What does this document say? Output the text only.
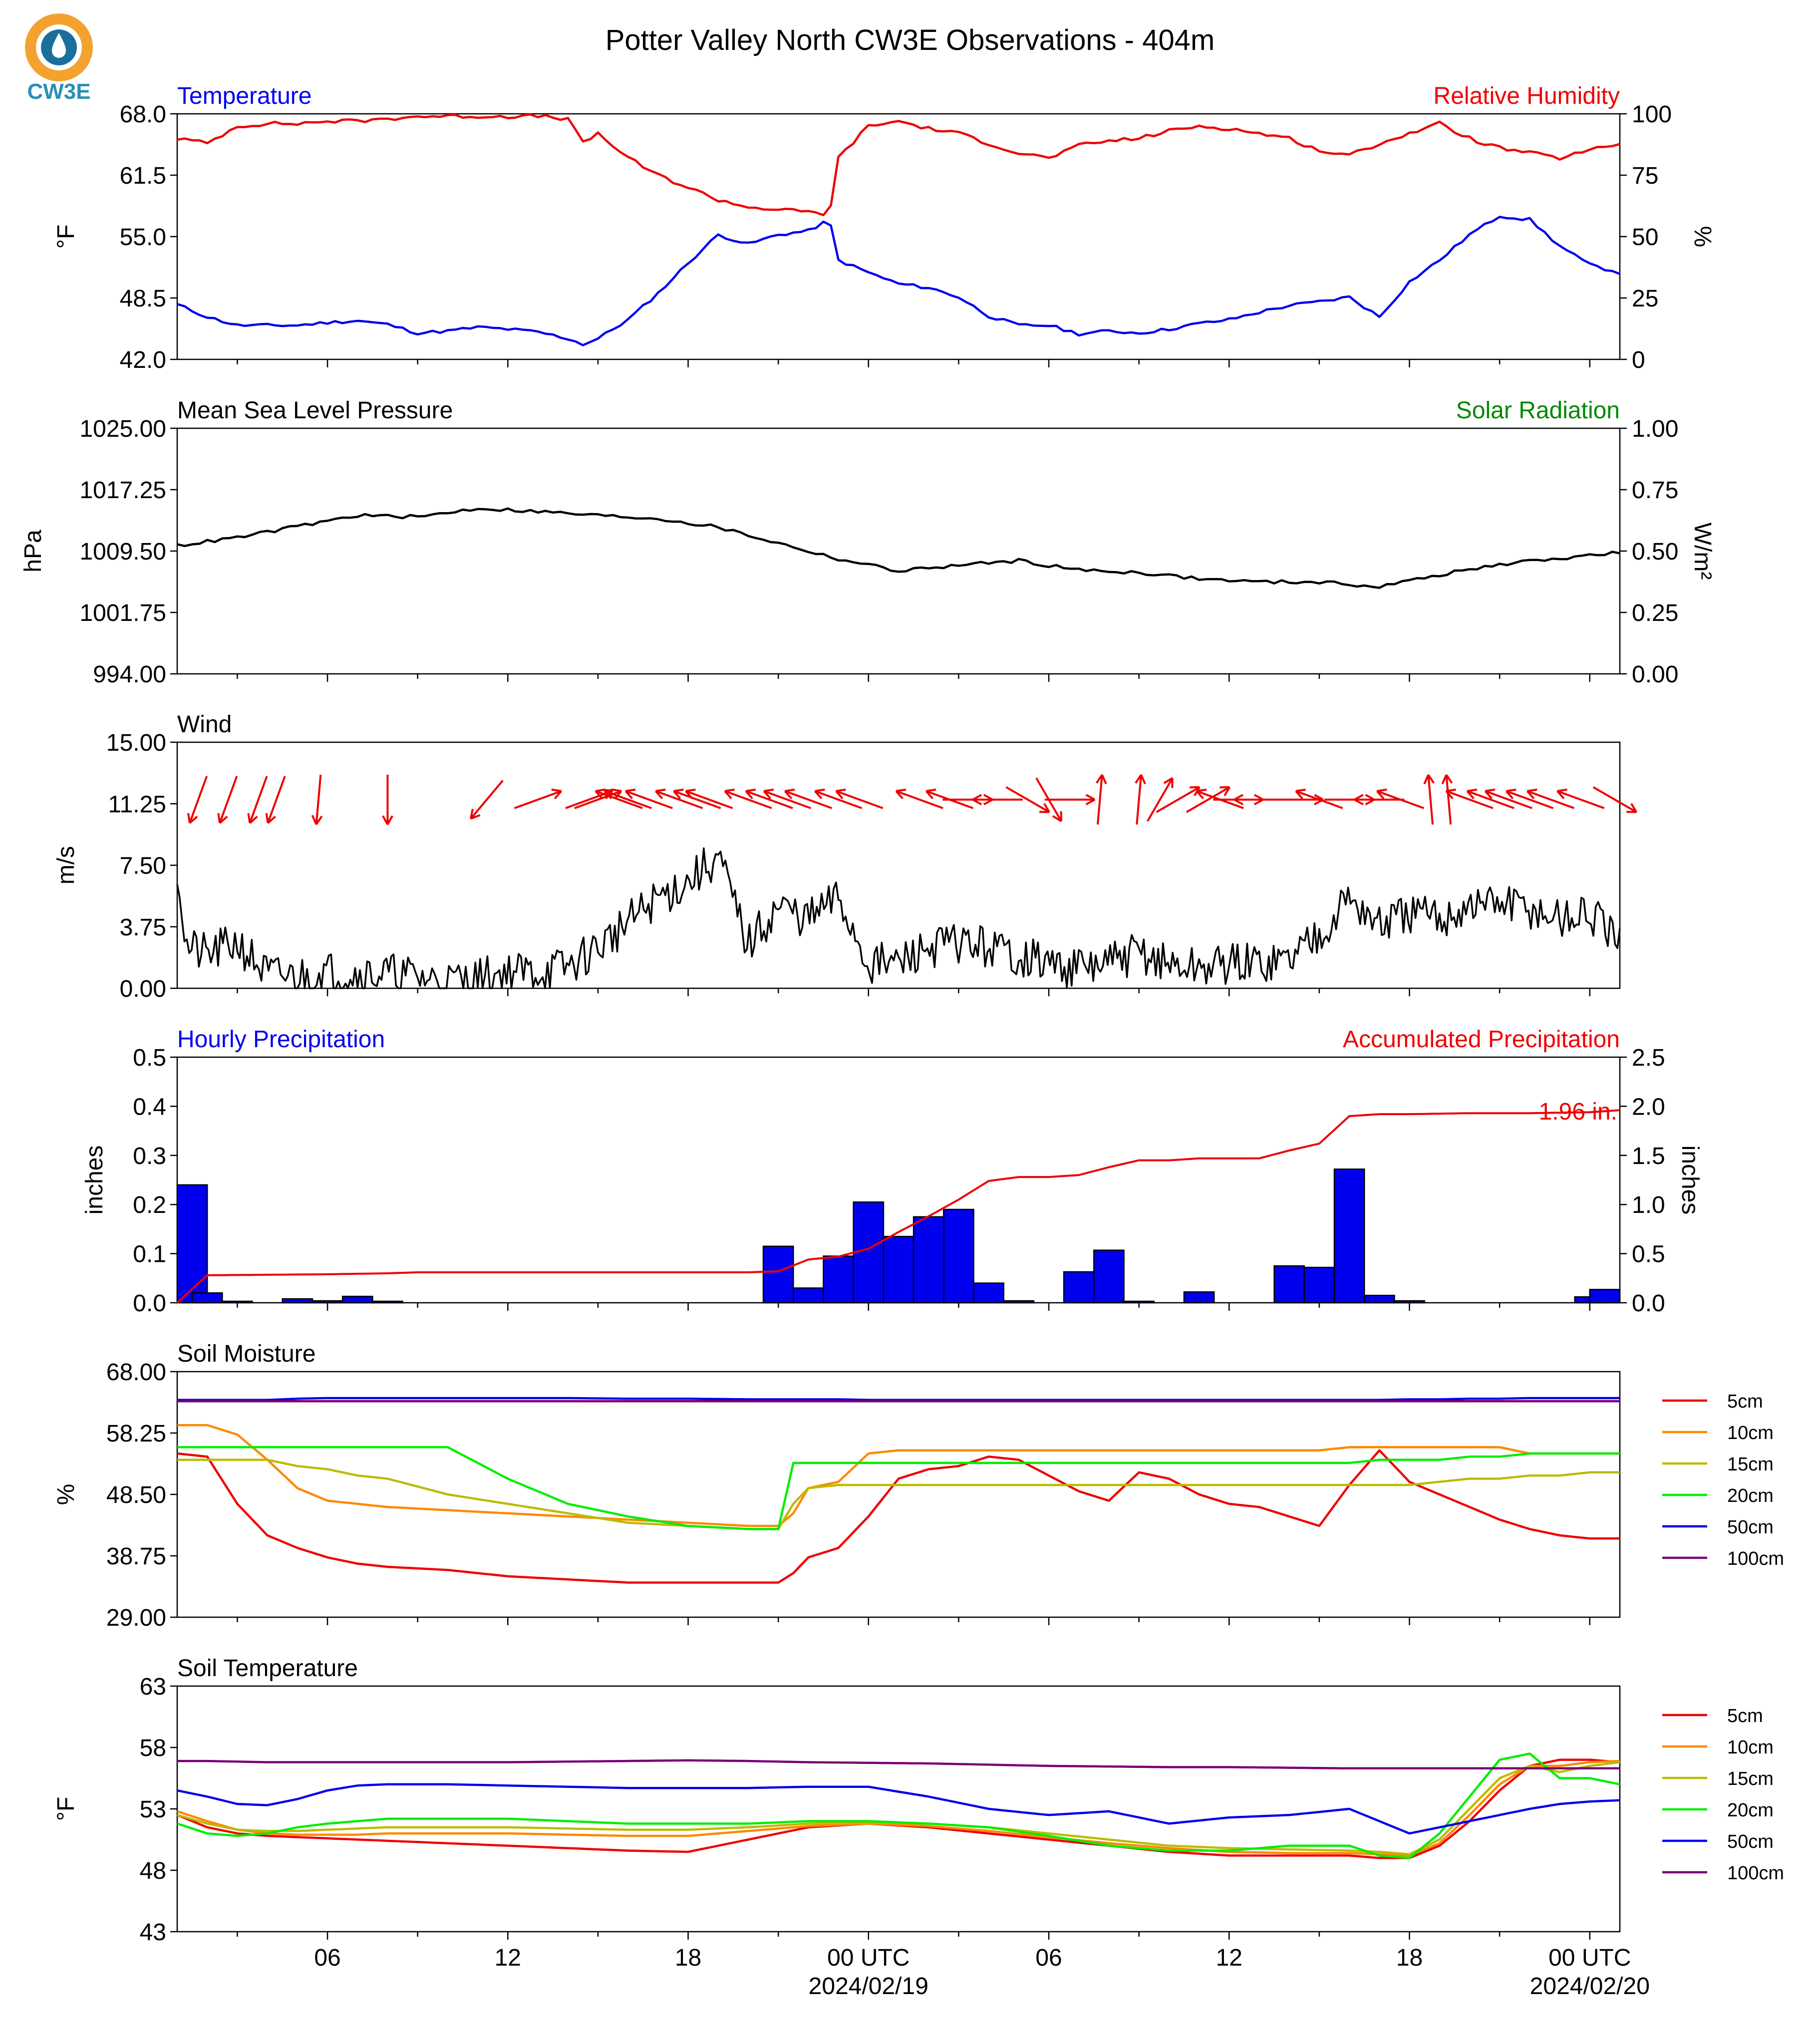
CW3E
Potter Valley North CW3E Observations - 404m
Temperature	Relative Humidity
°F	%
42.0
48.5
55.0
61.5
68.0
0
25
50
75
100
Mean Sea Level Pressure	Solar Radiation
hPa	W/m²
994.00
1001.75
1009.50
1017.25
1025.00
0.00
0.25
0.50
0.75
1.00
Wind
m/s
0.00
3.75
7.50
11.25
15.00
Hourly Precipitation	Accumulated Precipitation
inches	inches
1.96 in.
0.0
0.1
0.2
0.3
0.4
0.5
0.0
0.5
1.0
1.5
2.0
2.5
Soil Moisture
%
29.00
38.75
48.50
58.25
68.00
5cm
10cm
15cm
20cm
50cm
100cm
Soil Temperature
°F
43
48
53
58
63
5cm
10cm
15cm
20cm
50cm
100cm
06	12	18	00 UTC
2024/02/19
06	12	18	00 UTC
2024/02/20
